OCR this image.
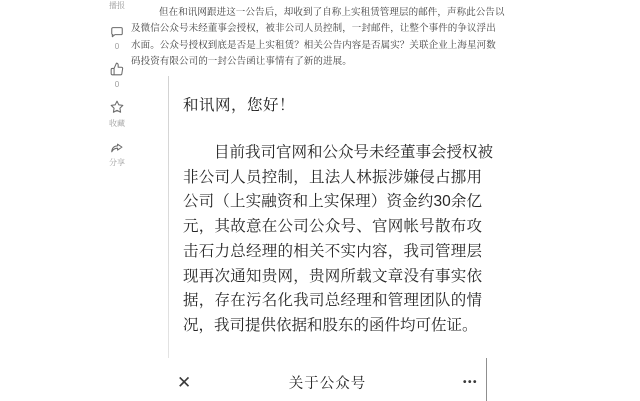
播报
0
0
收藏
分享
但在和讯网跟进这一公告后，却收到了自称上实租赁管理层的邮件，声称此公告以
及微信公众号未经董事会授权，被非公司人员控制，一封邮件，让整个事件的争议浮出
水面。公众号授权到底是否是上实租赁？相关公告内容是否属实？关联企业上海星河数
码投资有限公司的一封公告函让事情有了新的进展。
和讯网，您好！
目前我司官网和公众号未经董事会授权被
非公司人员控制，且法人林振涉嫌侵占挪用
公司（上实融资和上实保理）资金约30余亿
元，其故意在公司公众号、官网帐号散布攻
击石力总经理的相关不实内容，我司管理层
现再次通知贵网，贵网所载文章没有事实依
据，存在污名化我司总经理和管理团队的情
况，我司提供依据和股东的函件均可佐证。
✕	关于公众号	•••
